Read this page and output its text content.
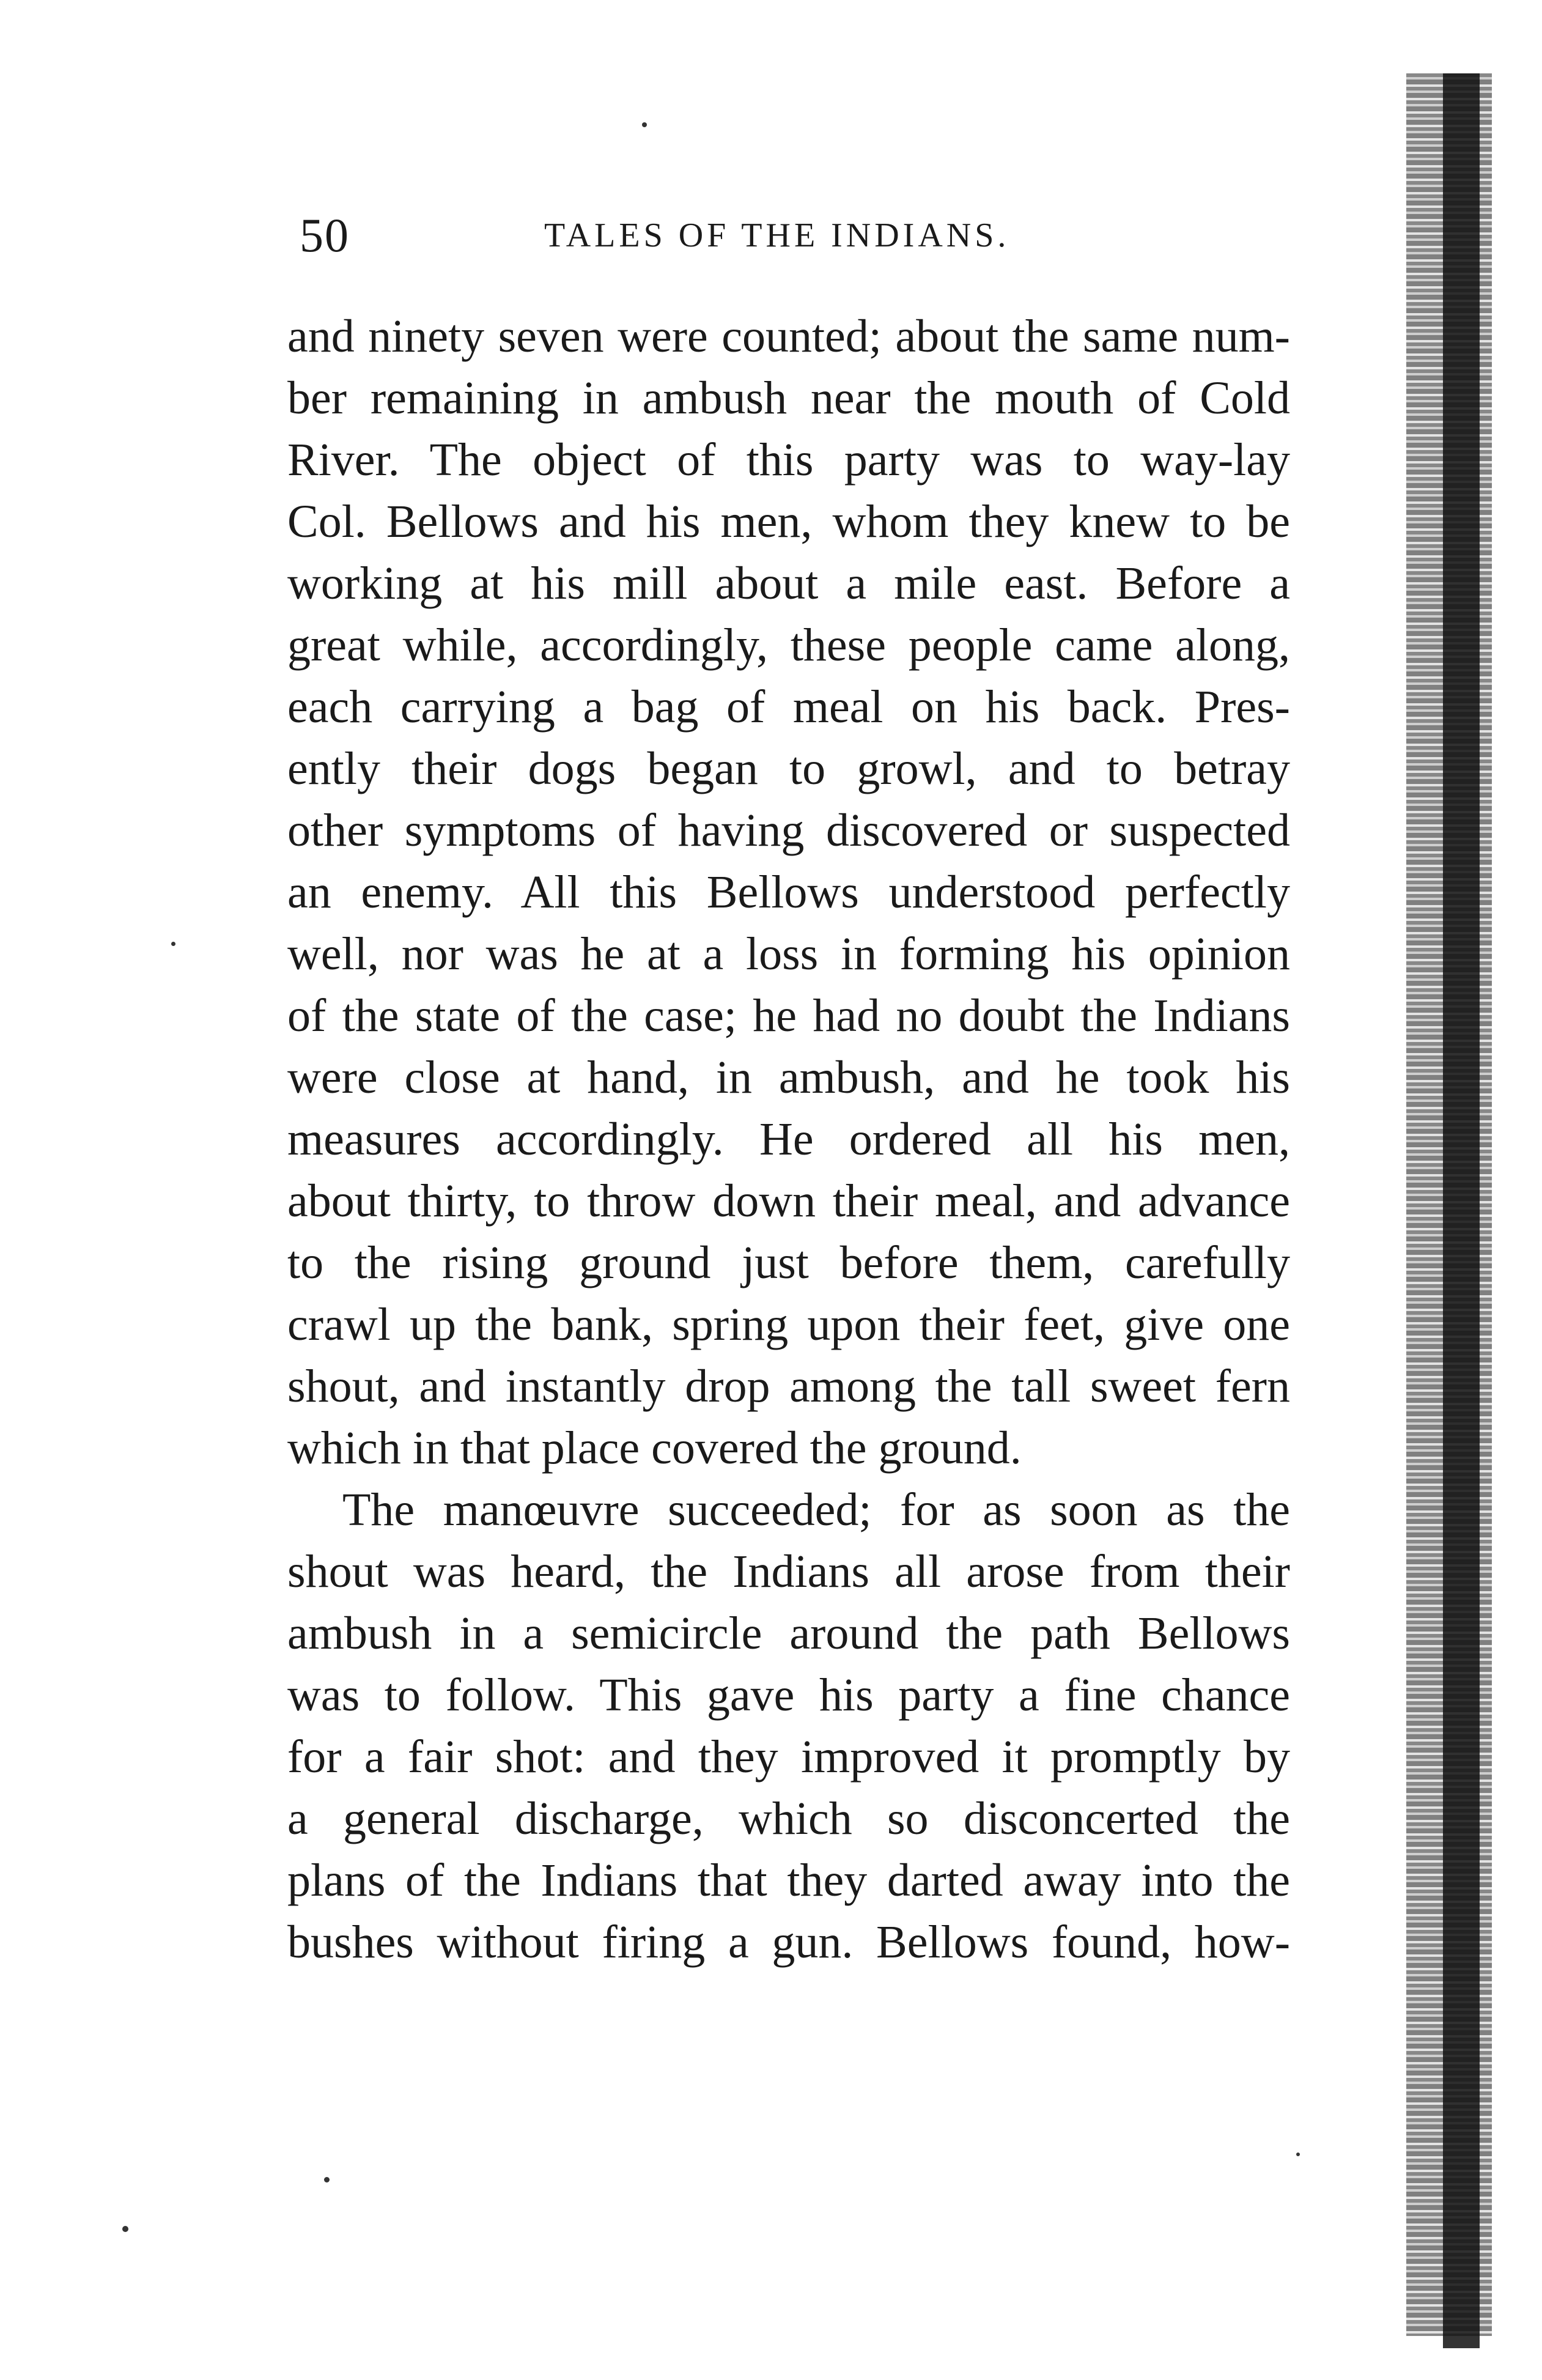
50	TALES OF THE INDIANS.
and ninety seven were counted; about the same num-
ber remaining in ambush near the mouth of Cold
River. The object of this party was to way-lay
Col. Bellows and his men, whom they knew to be
working at his mill about a mile east. Before a
great while, accordingly, these people came along,
each carrying a bag of meal on his back. Pres-
ently their dogs began to growl, and to betray
other symptoms of having discovered or suspected
an enemy. All this Bellows understood perfectly
well, nor was he at a loss in forming his opinion
of the state of the case; he had no doubt the Indians
were close at hand, in ambush, and he took his
measures accordingly. He ordered all his men,
about thirty, to throw down their meal, and advance
to the rising ground just before them, carefully
crawl up the bank, spring upon their feet, give one
shout, and instantly drop among the tall sweet fern
which in that place covered the ground.
The manœuvre succeeded; for as soon as the
shout was heard, the Indians all arose from their
ambush in a semicircle around the path Bellows
was to follow. This gave his party a fine chance
for a fair shot: and they improved it promptly by
a general discharge, which so disconcerted the
plans of the Indians that they darted away into the
bushes without firing a gun. Bellows found, how-
